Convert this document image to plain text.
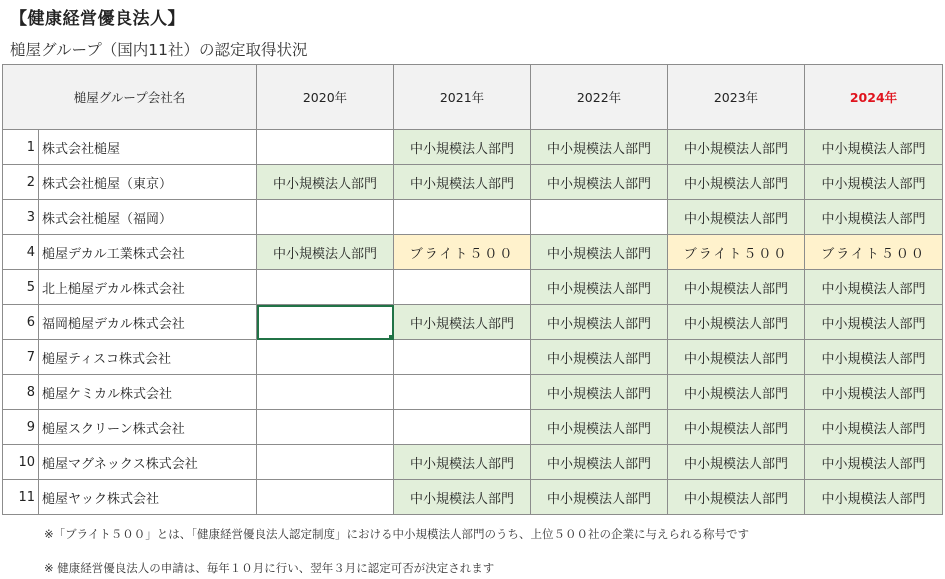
【健康経営優良法人】
槌屋グループ（国内11社）の認定取得状況
槌屋グループ会社名		2020年	2021年	2022年	2023年	2024年
1	株式会社槌屋		中小規模法人部門	中小規模法人部門	中小規模法人部門	中小規模法人部門
2	株式会社槌屋（東京）	中小規模法人部門	中小規模法人部門	中小規模法人部門	中小規模法人部門	中小規模法人部門
3	株式会社槌屋（福岡）				中小規模法人部門	中小規模法人部門
4	槌屋デカル工業株式会社	中小規模法人部門	ブライト５００	中小規模法人部門	ブライト５００	ブライト５００
5	北上槌屋デカル株式会社			中小規模法人部門	中小規模法人部門	中小規模法人部門
6	福岡槌屋デカル株式会社		中小規模法人部門	中小規模法人部門	中小規模法人部門	中小規模法人部門
7	槌屋ティスコ株式会社			中小規模法人部門	中小規模法人部門	中小規模法人部門
8	槌屋ケミカル株式会社			中小規模法人部門	中小規模法人部門	中小規模法人部門
9	槌屋スクリーン株式会社			中小規模法人部門	中小規模法人部門	中小規模法人部門
10	槌屋マグネックス株式会社		中小規模法人部門	中小規模法人部門	中小規模法人部門	中小規模法人部門
11	槌屋ヤック株式会社		中小規模法人部門	中小規模法人部門	中小規模法人部門	中小規模法人部門
※「ブライト５００」とは、「健康経営優良法人認定制度」における中小規模法人部門のうち、上位５００社の企業に与えられる称号です
※ 健康経営優良法人の申請は、毎年１０月に行い、翌年３月に認定可否が決定されます
